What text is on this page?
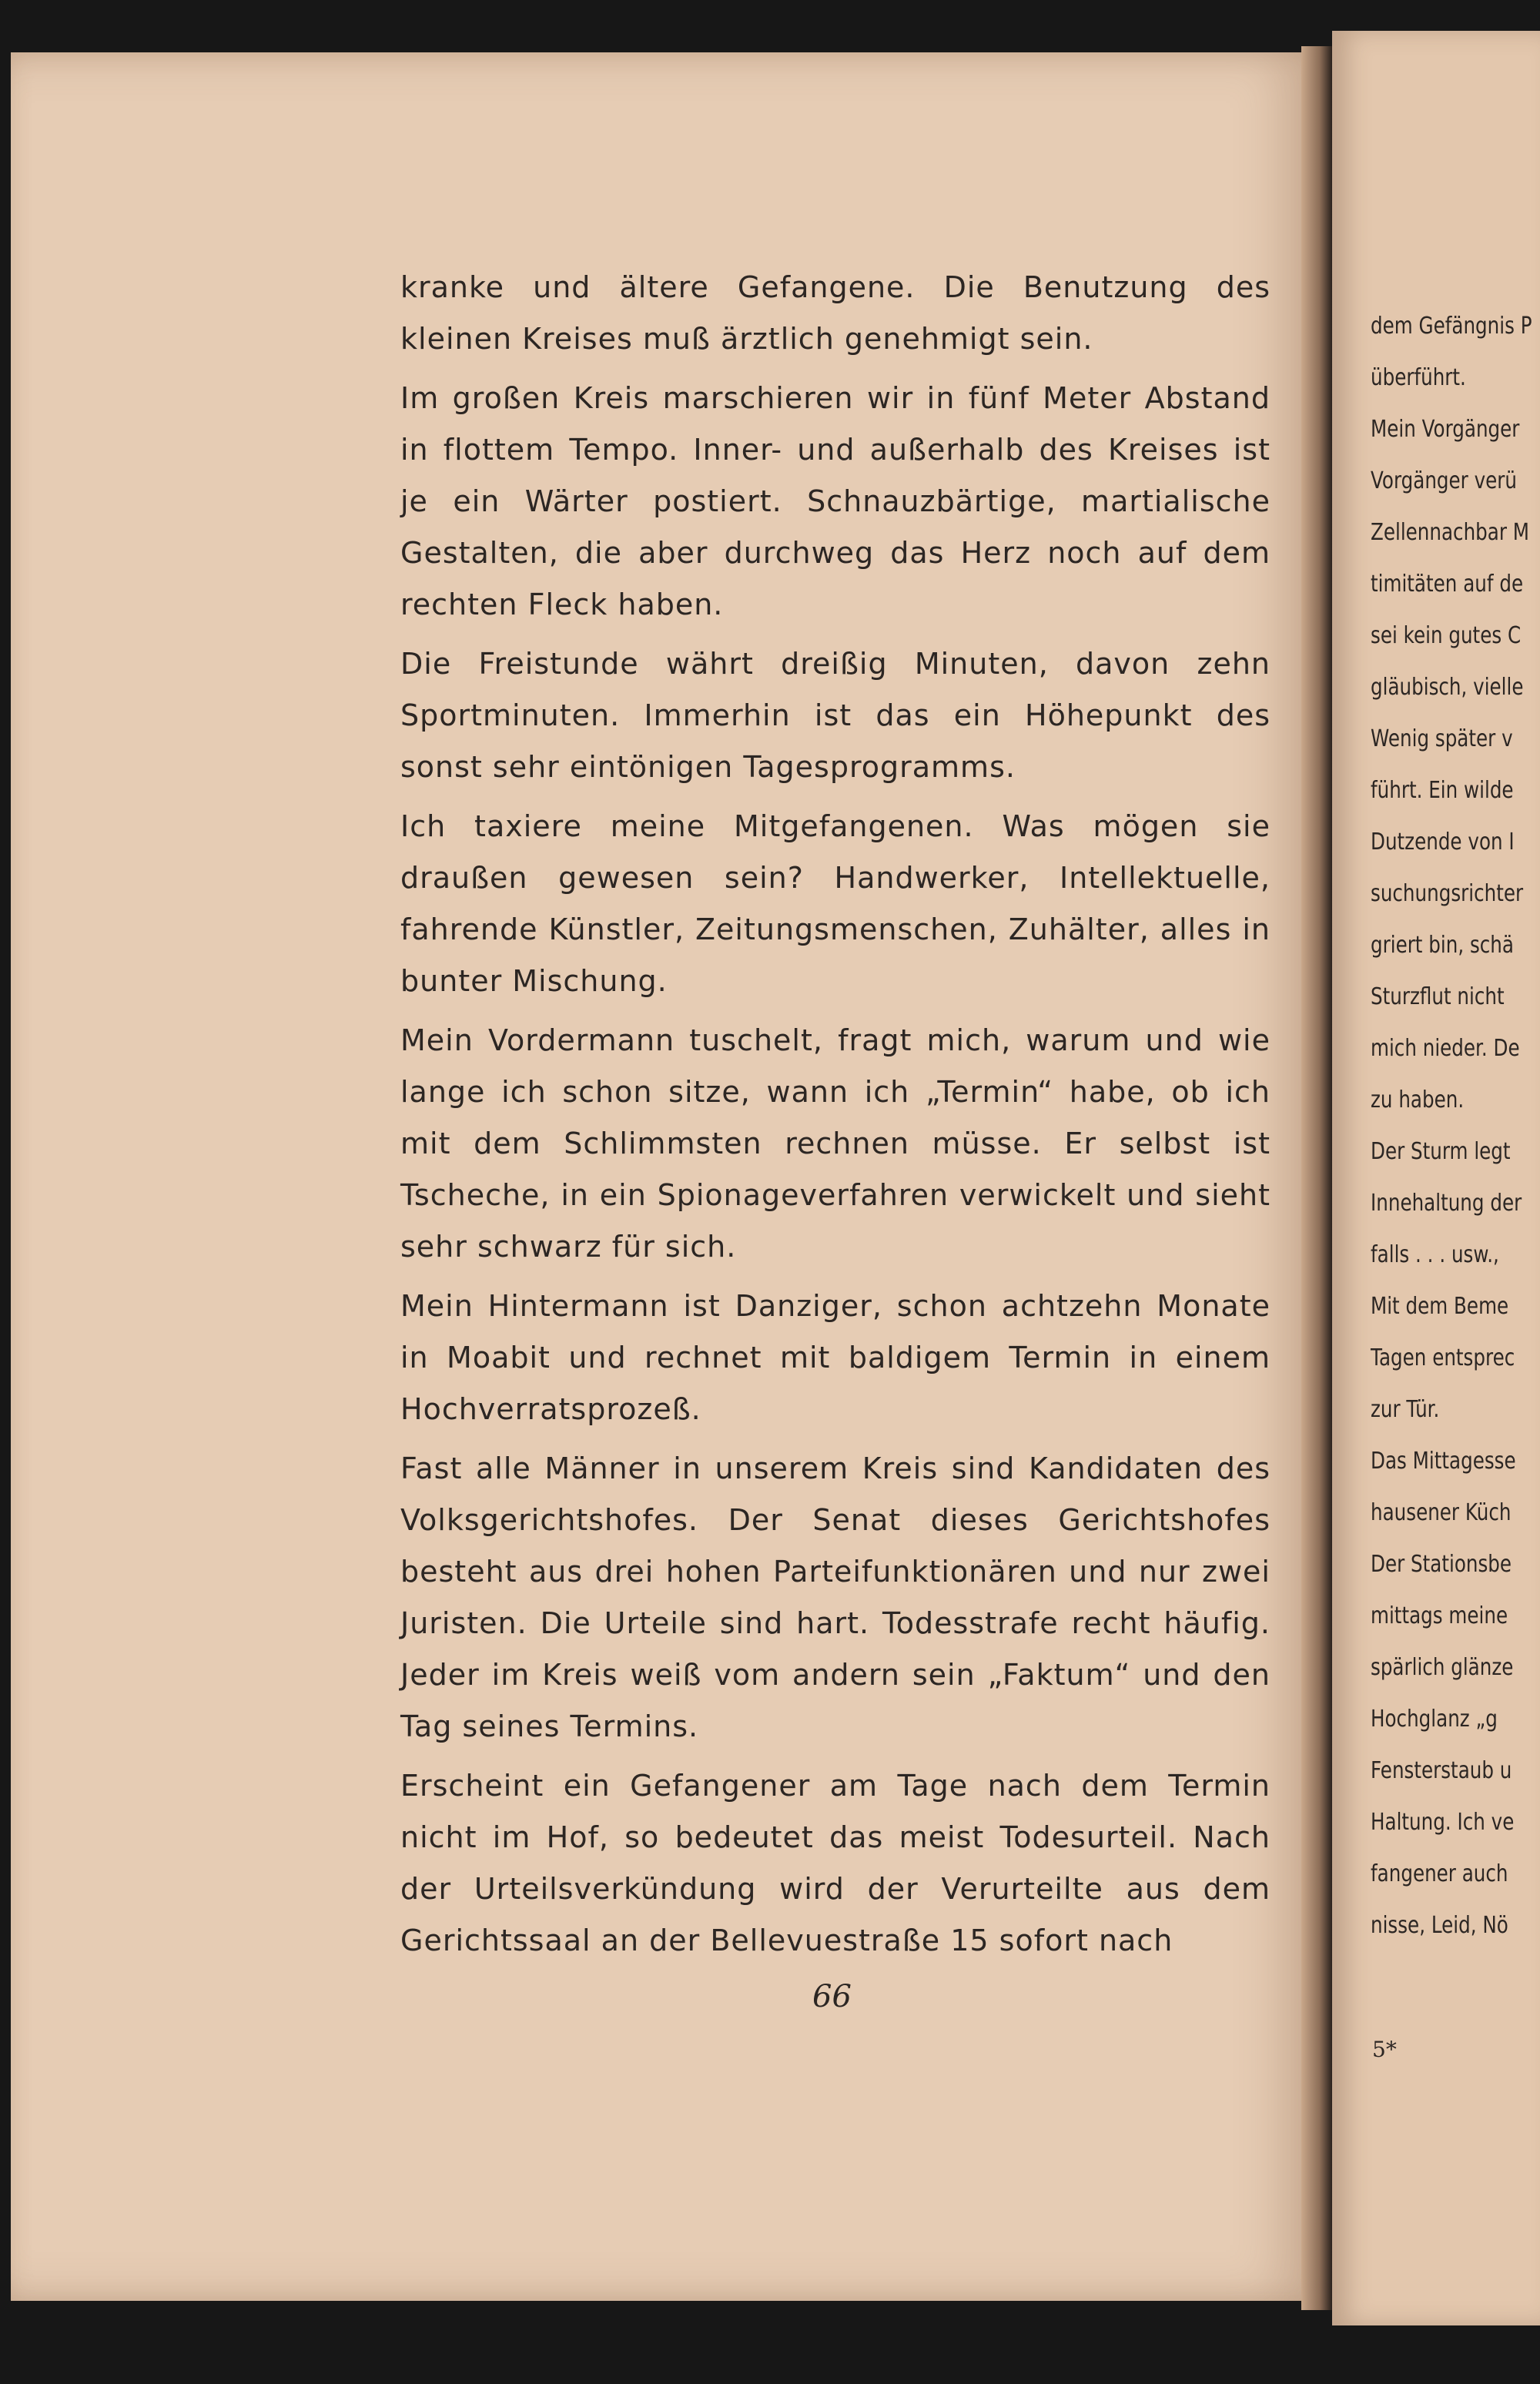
dem Gefängnis P
überführt.
Mein Vorgänger
Vorgänger verü
Zellennachbar M
timitäten auf de
sei kein gutes C
gläubisch, vielle
Wenig später v
führt. Ein wilde
Dutzende von I
suchungsrichter
griert bin, schä
Sturzflut nicht
mich nieder. De
zu haben.
Der Sturm legt
Innehaltung der
falls . . . usw.,
Mit dem Beme
Tagen entsprec
zur Tür.
Das Mittagesse
hausener Küch
Der Stationsbe
mittags meine
spärlich glänze
Hochglanz „g
Fensterstaub u
Haltung. Ich ve
fangener auch
nisse, Leid, Nö
5*

kranke und ältere Gefangene. Die Benutzung des kleinen Kreises muß ärztlich genehmigt sein.

Im großen Kreis marschieren wir in fünf Meter Abstand in flottem Tempo. Inner- und außerhalb des Kreises ist je ein Wärter postiert. Schnauzbärtige, martialische Gestalten, die aber durchweg das Herz noch auf dem rechten Fleck haben.

Die Freistunde währt dreißig Minuten, davon zehn Sportminuten. Immerhin ist das ein Höhepunkt des sonst sehr eintönigen Tagesprogramms.

Ich taxiere meine Mitgefangenen. Was mögen sie draußen gewesen sein? Handwerker, Intellektuelle, fahrende Künstler, Zeitungsmenschen, Zuhälter, alles in bunter Mischung.

Mein Vordermann tuschelt, fragt mich, warum und wie lange ich schon sitze, wann ich „Termin“ habe, ob ich mit dem Schlimmsten rechnen müsse. Er selbst ist Tscheche, in ein Spionageverfahren verwickelt und sieht sehr schwarz für sich.

Mein Hintermann ist Danziger, schon achtzehn Monate in Moabit und rechnet mit baldigem Termin in einem Hochverratsprozeß.

Fast alle Männer in unserem Kreis sind Kandidaten des Volksgerichtshofes. Der Senat dieses Gerichtshofes besteht aus drei hohen Parteifunktionären und nur zwei Juristen. Die Urteile sind hart. Todesstrafe recht häufig. Jeder im Kreis weiß vom andern sein „Faktum“ und den Tag seines Termins.

Erscheint ein Gefangener am Tage nach dem Termin nicht im Hof, so bedeutet das meist Todesurteil. Nach der Urteilsverkündung wird der Verurteilte aus dem Gerichtssaal an der Bellevuestraße 15 sofort nach

66
